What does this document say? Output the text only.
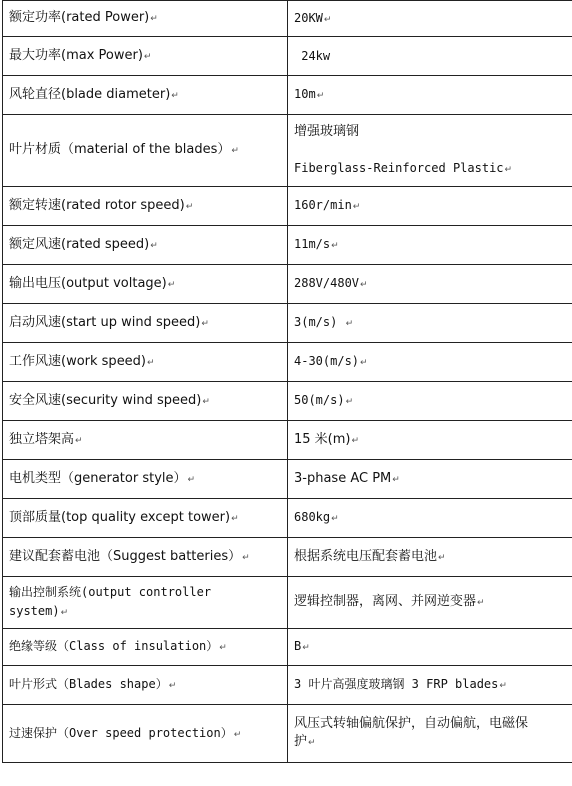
额定功率(rated Power)↵	20KW↵
最大功率(max Power)↵	24kw
风轮直径(blade diameter)↵	10m↵
叶片材质（material of the blades）↵	增强玻璃钢
Fiberglass-Reinforced Plastic↵

额定转速(rated rotor speed)↵	160r/min↵
额定风速(rated speed)↵	11m/s↵
输出电压(output voltage)↵	288V/480V↵
启动风速(start up wind speed)↵	3(m/s) ↵
工作风速(work speed)↵	4-30(m/s)↵
安全风速(security wind speed)↵	50(m/s)↵
独立塔架高↵	15 米(m)↵
电机类型（generator style）↵	3-phase AC PM↵
顶部质量(top quality except tower)↵	680kg↵
建议配套蓄电池（Suggest batteries）↵	根据系统电压配套蓄电池↵

输出控制系统(output controller
system)↵	逻辑控制器，离网、并网逆变器↵
绝缘等级（Class of insulation）↵	B↵
叶片形式（Blades shape）↵	3 叶片高强度玻璃钢 3 FRP blades↵
过速保护（Over speed protection）↵	风压式转轴偏航保护，自动偏航，电磁保
护↵
